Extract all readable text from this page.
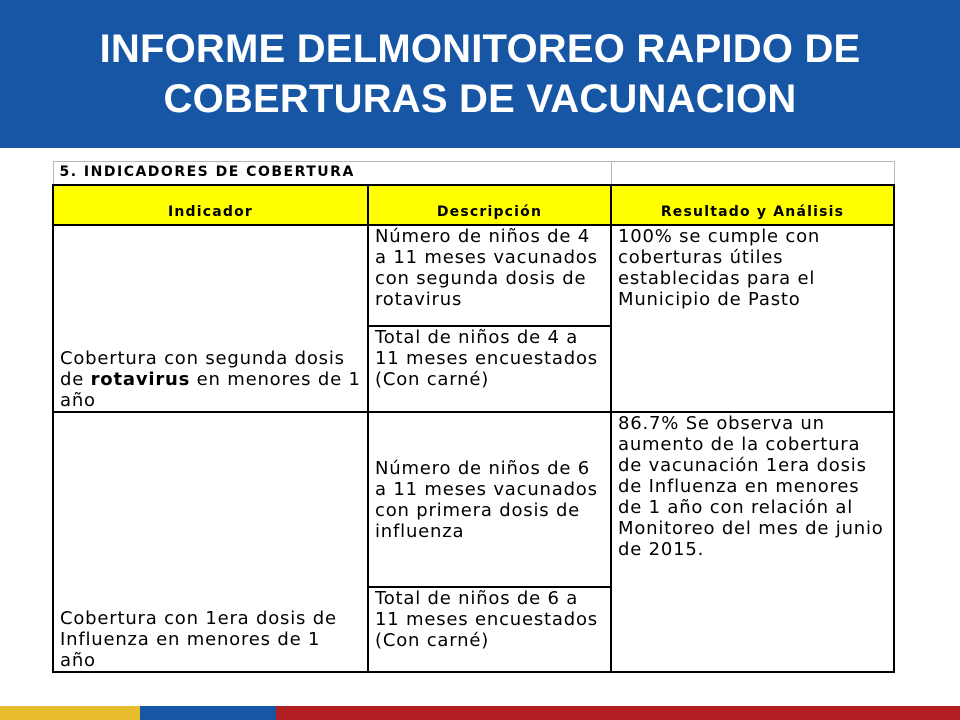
INFORME DELMONITOREO RAPIDO DE
COBERTURAS DE VACUNACION
5. INDICADORES DE COBERTURA		
Indicador	Descripción	Resultado y Análisis
Cobertura con segunda dosis de rotavirus en menores de 1 año	Número de niños de 4 a 11 meses vacunados con segunda dosis de rotavirus	100% se cumple con coberturas útiles establecidas para el Municipio de Pasto
	Total de niños de 4 a 11 meses encuestados (Con carné)	
Cobertura con 1era dosis de Influenza en menores de 1 año	Número de niños de 6 a 11 meses vacunados con primera dosis de influenza	86.7% Se observa un aumento de la cobertura de vacunación 1era dosis de Influenza en menores de 1 año con relación al Monitoreo del mes de junio de 2015.
	Total de niños de 6 a 11 meses encuestados (Con carné)	
